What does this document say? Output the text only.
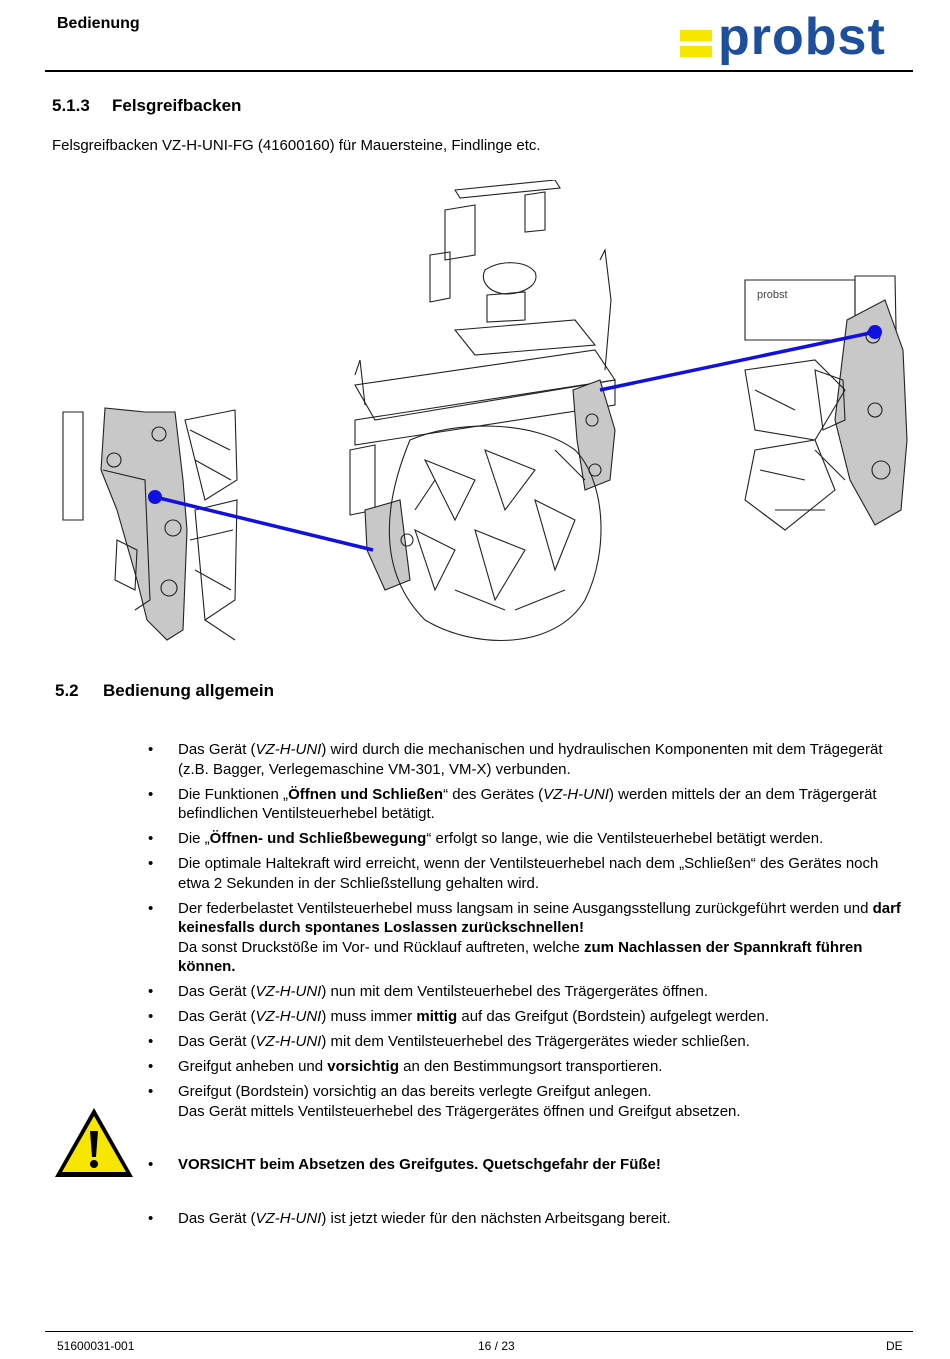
Bedienung	probst
5.1.3 Felsgreifbacken
Felsgreifbacken VZ-H-UNI-FG (41600160) für Mauersteine, Findlinge etc.
probst
5.2 Bedienung allgemein
• Das Gerät (VZ-H-UNI) wird durch die mechanischen und hydraulischen Komponenten mit dem Trägegerät (z.B. Bagger, Verlegemaschine VM-301, VM-X) verbunden.
• Die Funktionen „Öffnen und Schließen“ des Gerätes (VZ-H-UNI) werden mittels der an dem Trägergerät befindlichen Ventilsteuerhebel betätigt.
• Die „Öffnen- und Schließbewegung“ erfolgt so lange, wie die Ventilsteuerhebel betätigt werden.
• Die optimale Haltekraft wird erreicht, wenn der Ventilsteuerhebel nach dem „Schließen“ des Gerätes noch etwa 2 Sekunden in der Schließstellung gehalten wird.
• Der federbelastet Ventilsteuerhebel muss langsam in seine Ausgangsstellung zurückgeführt werden und darf keinesfalls durch spontanes Loslassen zurückschnellen!
Da sonst Druckstöße im Vor- und Rücklauf auftreten, welche zum Nachlassen der Spannkraft führen können.
• Das Gerät (VZ-H-UNI) nun mit dem Ventilsteuerhebel des Trägergerätes öffnen.
• Das Gerät (VZ-H-UNI) muss immer mittig auf das Greifgut (Bordstein) aufgelegt werden.
• Das Gerät (VZ-H-UNI) mit dem Ventilsteuerhebel des Trägergerätes wieder schließen.
• Greifgut anheben und vorsichtig an den Bestimmungsort transportieren.
• Greifgut (Bordstein) vorsichtig an das bereits verlegte Greifgut anlegen.
Das Gerät mittels Ventilsteuerhebel des Trägergerätes öffnen und Greifgut absetzen.
• VORSICHT beim Absetzen des Greifgutes. Quetschgefahr der Füße!
• Das Gerät (VZ-H-UNI) ist jetzt wieder für den nächsten Arbeitsgang bereit.
51600031-001	16 / 23	DE
